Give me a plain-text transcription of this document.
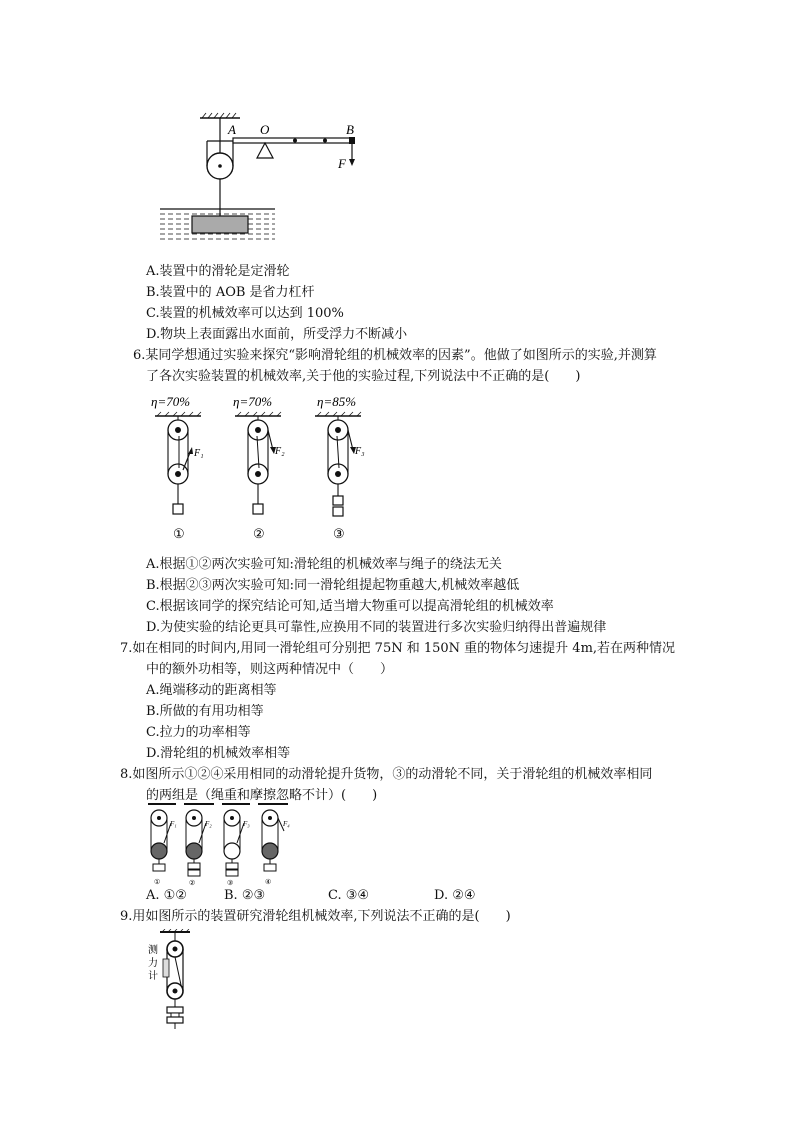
A O	B
F
A.装置中的滑轮是定滑轮
B.装置中的 AOB 是省力杠杆
C.装置的机械效率可以达到 100%
D.物块上表面露出水面前，所受浮力不断减小
6.某同学想通过实验来探究“影响滑轮组的机械效率的因素”。他做了如图所示的实验,并测算
了各次实验装置的机械效率,关于他的实验过程,下列说法中不正确的是(　　)
η=70%
F₁
①
η=70%
F₂
②
η=85%
F₃
③
A.根据①②两次实验可知:滑轮组的机械效率与绳子的绕法无关
B.根据②③两次实验可知:同一滑轮组提起物重越大,机械效率越低
C.根据该同学的探究结论可知,适当增大物重可以提高滑轮组的机械效率
D.为使实验的结论更具可靠性,应换用不同的装置进行多次实验归纳得出普遍规律
7.如在相同的时间内,用同一滑轮组可分别把 75N 和 150N 重的物体匀速提升 4m,若在两种情况
中的额外功相等，则这两种情况中（　　）
A.绳端移动的距离相等
B.所做的有用功相等
C.拉力的功率相等
D.滑轮组的机械效率相等
8.如图所示①②④采用相同的动滑轮提升货物，③的动滑轮不同，关于滑轮组的机械效率相同
的两组是（绳重和摩擦忽略不计）(　　)
F₁
①
F₂
②
F₃
③
F₄
④
A. ①②	B. ②③	C. ③④	D. ②④
9.用如图所示的装置研究滑轮组机械效率,下列说法不正确的是(　　)
测
力
计
